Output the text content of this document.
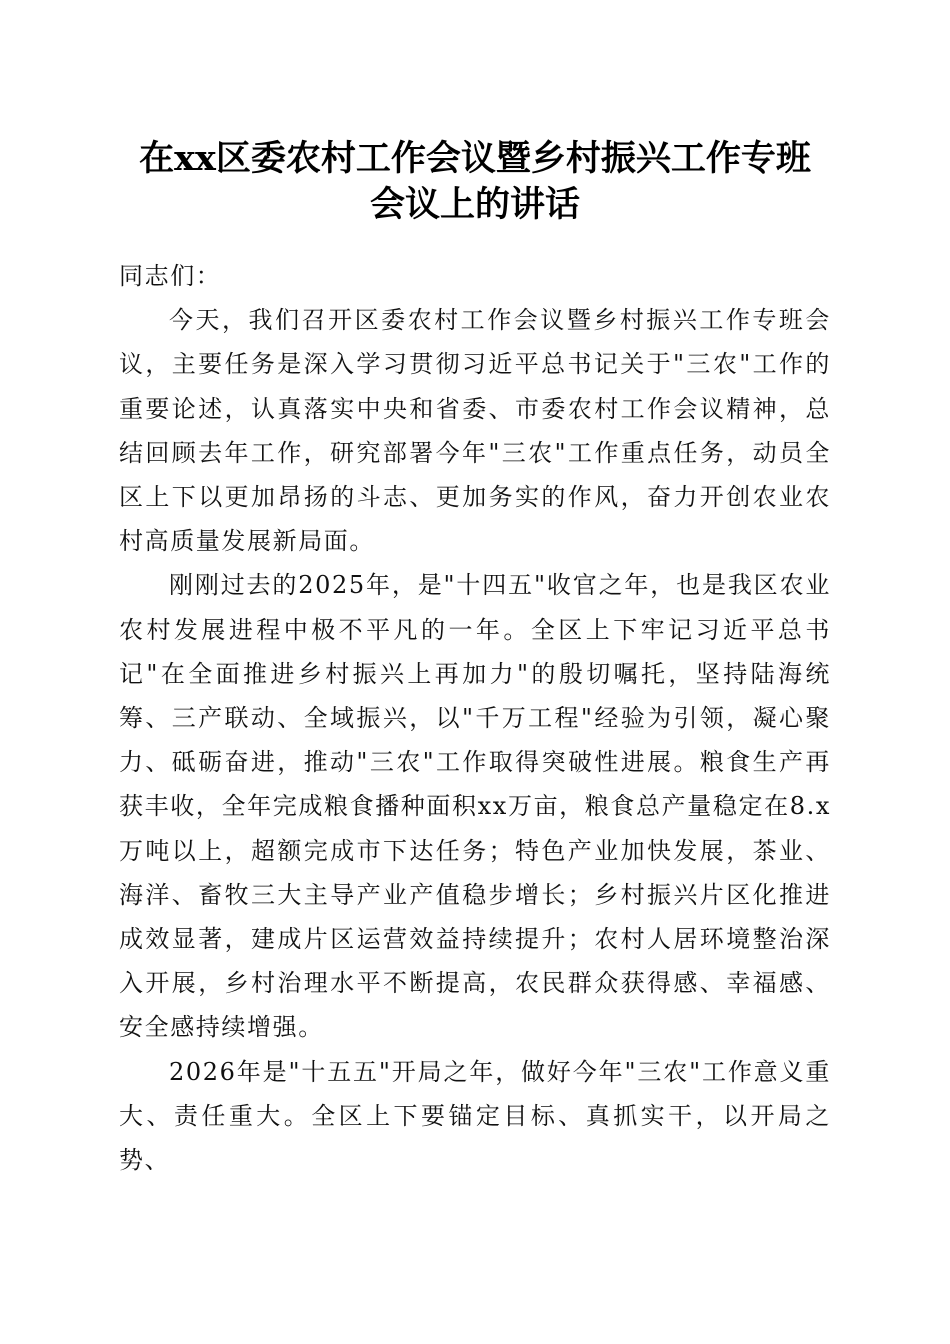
在xx区委农村工作会议暨乡村振兴工作专班
会议上的讲话

同志们：

今天，我们召开区委农村工作会议暨乡村振兴工作专班会议，主要任务是深入学习贯彻习近平总书记关于"三农"工作的重要论述，认真落实中央和省委、市委农村工作会议精神，总结回顾去年工作，研究部署今年"三农"工作重点任务，动员全区上下以更加昂扬的斗志、更加务实的作风，奋力开创农业农村高质量发展新局面。

刚刚过去的2025年，是"十四五"收官之年，也是我区农业农村发展进程中极不平凡的一年。全区上下牢记习近平总书记"在全面推进乡村振兴上再加力"的殷切嘱托，坚持陆海统筹、三产联动、全域振兴，以"千万工程"经验为引领，凝心聚力、砥砺奋进，推动"三农"工作取得突破性进展。粮食生产再获丰收，全年完成粮食播种面积xx万亩，粮食总产量稳定在8.x万吨以上，超额完成市下达任务；特色产业加快发展，茶业、海洋、畜牧三大主导产业产值稳步增长；乡村振兴片区化推进成效显著，建成片区运营效益持续提升；农村人居环境整治深入开展，乡村治理水平不断提高，农民群众获得感、幸福感、安全感持续增强。

2026年是"十五五"开局之年，做好今年"三农"工作意义重大、责任重大。全区上下要锚定目标、真抓实干，以开局之势、
